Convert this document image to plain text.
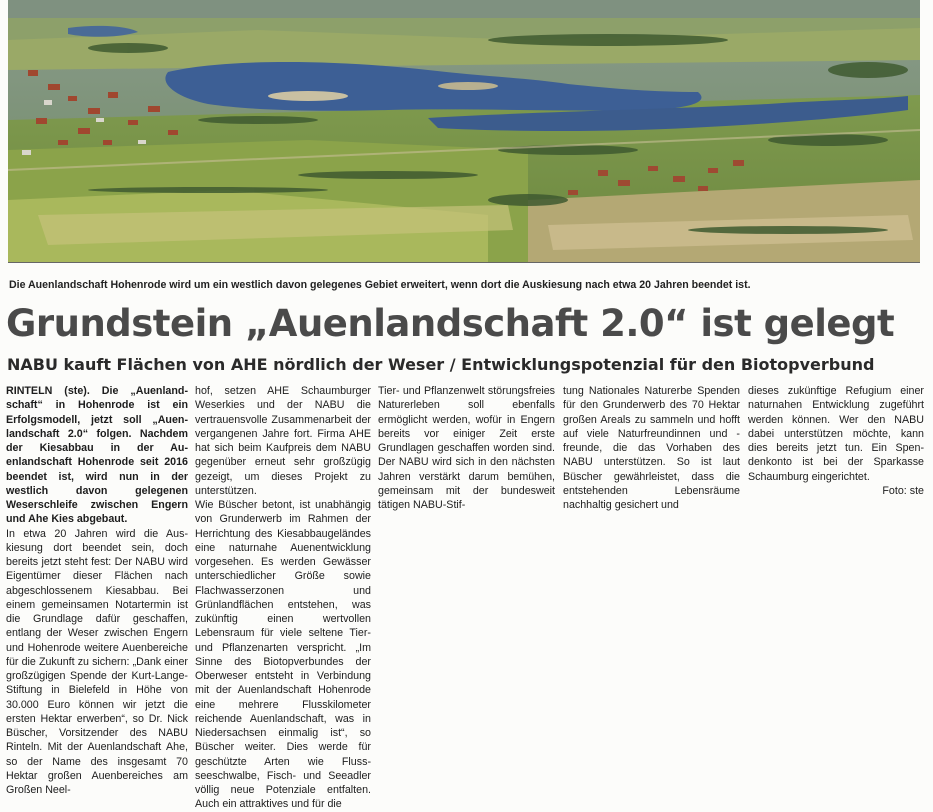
Die Auenlandschaft Hohenrode wird um ein westlich davon gelegenes Gebiet erweitert, wenn dort die Auskiesung nach etwa 20 Jahren beendet ist.
Grundstein „Auenlandschaft 2.0“ ist gelegt
NABU kauft Flächen von AHE nördlich der Weser / Entwicklungspotenzial für den Biotopverbund

RINTELN (ste). Die „Auenlandschaft“ in Hohenrode ist ein Erfolgsmodell, jetzt soll „Auenlandschaft 2.0“ folgen. Nachdem der Kiesabbau in der Auenlandschaft Hohenrode seit 2016 beendet ist, wird nun in der westlich davon gelegenen Weserschleife zwischen Engern und Ahe Kies abgebaut.

In etwa 20 Jahren wird die Auskiesung dort beendet sein, doch bereits jetzt steht fest: Der NABU wird Eigentümer dieser Flächen nach abgeschlossenem Kiesabbau. Bei einem gemeinsamen Notartermin ist die Grundlage dafür geschaffen, entlang der Weser zwischen Engern und Hohenrode weitere Auenbereiche für die Zukunft zu sichern: „Dank einer großzügigen Spende der Kurt-Lange-Stiftung in Bielefeld in Höhe von 30.000 Euro können wir jetzt die ersten Hektar erwerben“, so Dr. Nick Büscher, Vorsitzender des NABU Rinteln. Mit der Auenlandschaft Ahe, so der Name des insgesamt 70 Hektar großen Auenbereiches am Großen Neel-

hof, setzen AHE Schaumburger Weserkies und der NABU die vertrauensvolle Zusammenarbeit der vergangenen Jahre fort. Firma AHE hat sich beim Kaufpreis dem NABU gegenüber erneut sehr großzügig gezeigt, um dieses Projekt zu unterstützen.

Wie Büscher betont, ist unabhängig von Grunderwerb im Rahmen der Herrichtung des Kiesabbaugeländes eine naturnahe Auenentwicklung vorgesehen. Es werden Gewässer unterschiedlicher Größe sowie Flachwasserzonen und Grünlandflächen entstehen, was zukünftig einen wertvollen Lebensraum für viele seltene Tier- und Pflanzenarten verspricht. „Im Sinne des Biotopverbundes der Oberweser entsteht in Verbindung mit der Auenlandschaft Hohenrode eine mehrere Flusskilometer reichende Auenlandschaft, was in Niedersachsen einmalig ist“, so Büscher weiter. Dies werde für geschützte Arten wie Flussseeschwalbe, Fisch- und Seeadler völlig neue Potenziale entfalten. Auch ein attraktives und für die

Tier- und Pflanzenwelt störungsfreies Naturerleben soll ebenfalls ermöglicht werden, wofür in Engern bereits vor einiger Zeit erste Grundlagen geschaffen worden sind. Der NABU wird sich in den nächsten Jahren verstärkt darum bemühen, gemeinsam mit der bundesweit tätigen NABU-Stif-

tung Nationales Naturerbe Spenden für den Grunderwerb des 70 Hektar großen Areals zu sammeln und hofft auf viele Naturfreundinnen und -freunde, die das Vorhaben des NABU unterstützen. So ist laut Büscher gewährleistet, dass die entstehenden Lebensräume nachhaltig gesichert und

dieses zukünftige Refugium einer naturnahen Entwicklung zugeführt werden können. Wer den NABU dabei unterstützen möchte, kann dies bereits jetzt tun. Ein Spendenkonto ist bei der Sparkasse Schaumburg eingerichtet.

Foto: ste
